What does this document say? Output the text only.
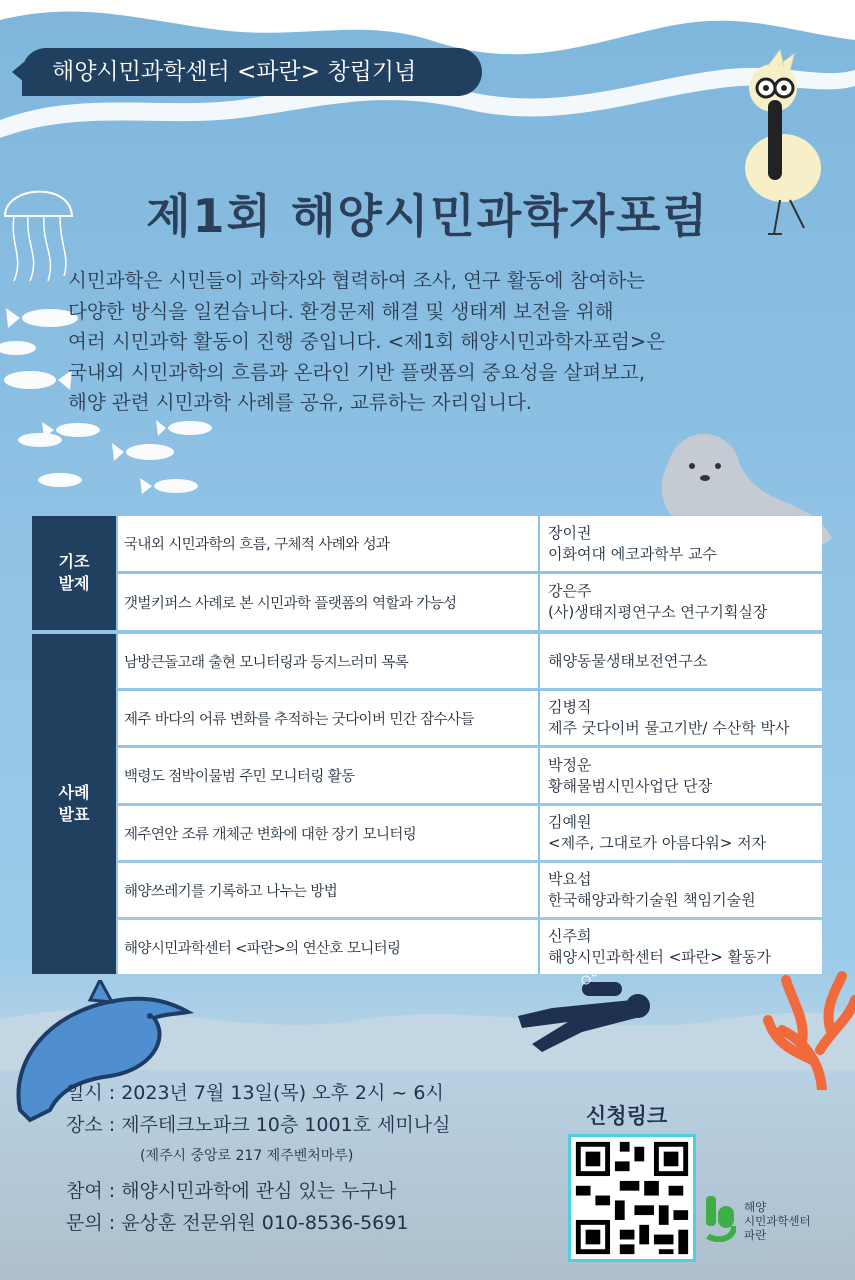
해양시민과학센터 <파란> 창립기념
제1회 해양시민과학자포럼
시민과학은 시민들이 과학자와 협력하여 조사, 연구 활동에 참여하는
다양한 방식을 일컫습니다. 환경문제 해결 및 생태계 보전을 위해
여러 시민과학 활동이 진행 중입니다. <제1회 해양시민과학자포럼>은
국내외 시민과학의 흐름과 온라인 기반 플랫폼의 중요성을 살펴보고,
해양 관련 시민과학 사례를 공유, 교류하는 자리입니다.
기조
발제
사례
발표
국내외 시민과학의 흐름, 구체적 사례와 성과
장이권
이화여대 에코과학부 교수
갯벌키퍼스 사례로 본 시민과학 플랫폼의 역할과 가능성
강은주
(사)생태지평연구소 연구기획실장
남방큰돌고래 출현 모니터링과 등지느러미 목록	해양동물생태보전연구소
제주 바다의 어류 변화를 추적하는 굿다이버 민간 잠수사들
김병직
제주 굿다이버 물고기반/ 수산학 박사
백령도 점박이물범 주민 모니터링 활동
박정운
황해물범시민사업단 단장
제주연안 조류 개체군 변화에 대한 장기 모니터링
김예원
<제주, 그대로가 아름다워> 저자
해양쓰레기를 기록하고 나누는 방법
박요섭
한국해양과학기술원 책임기술원
해양시민과학센터 <파란>의 연산호 모니터링
신주희
해양시민과학센터 <파란> 활동가
일시 : 2023년 7월 13일(목) 오후 2시 ~ 6시
장소 : 제주테크노파크 10층 1001호 세미나실
(제주시 중앙로 217 제주벤처마루)
참여 : 해양시민과학에 관심 있는 누구나
문의 : 윤상훈 전문위원 010-8536-5691
신청링크
해양
시민과학센터
파란
